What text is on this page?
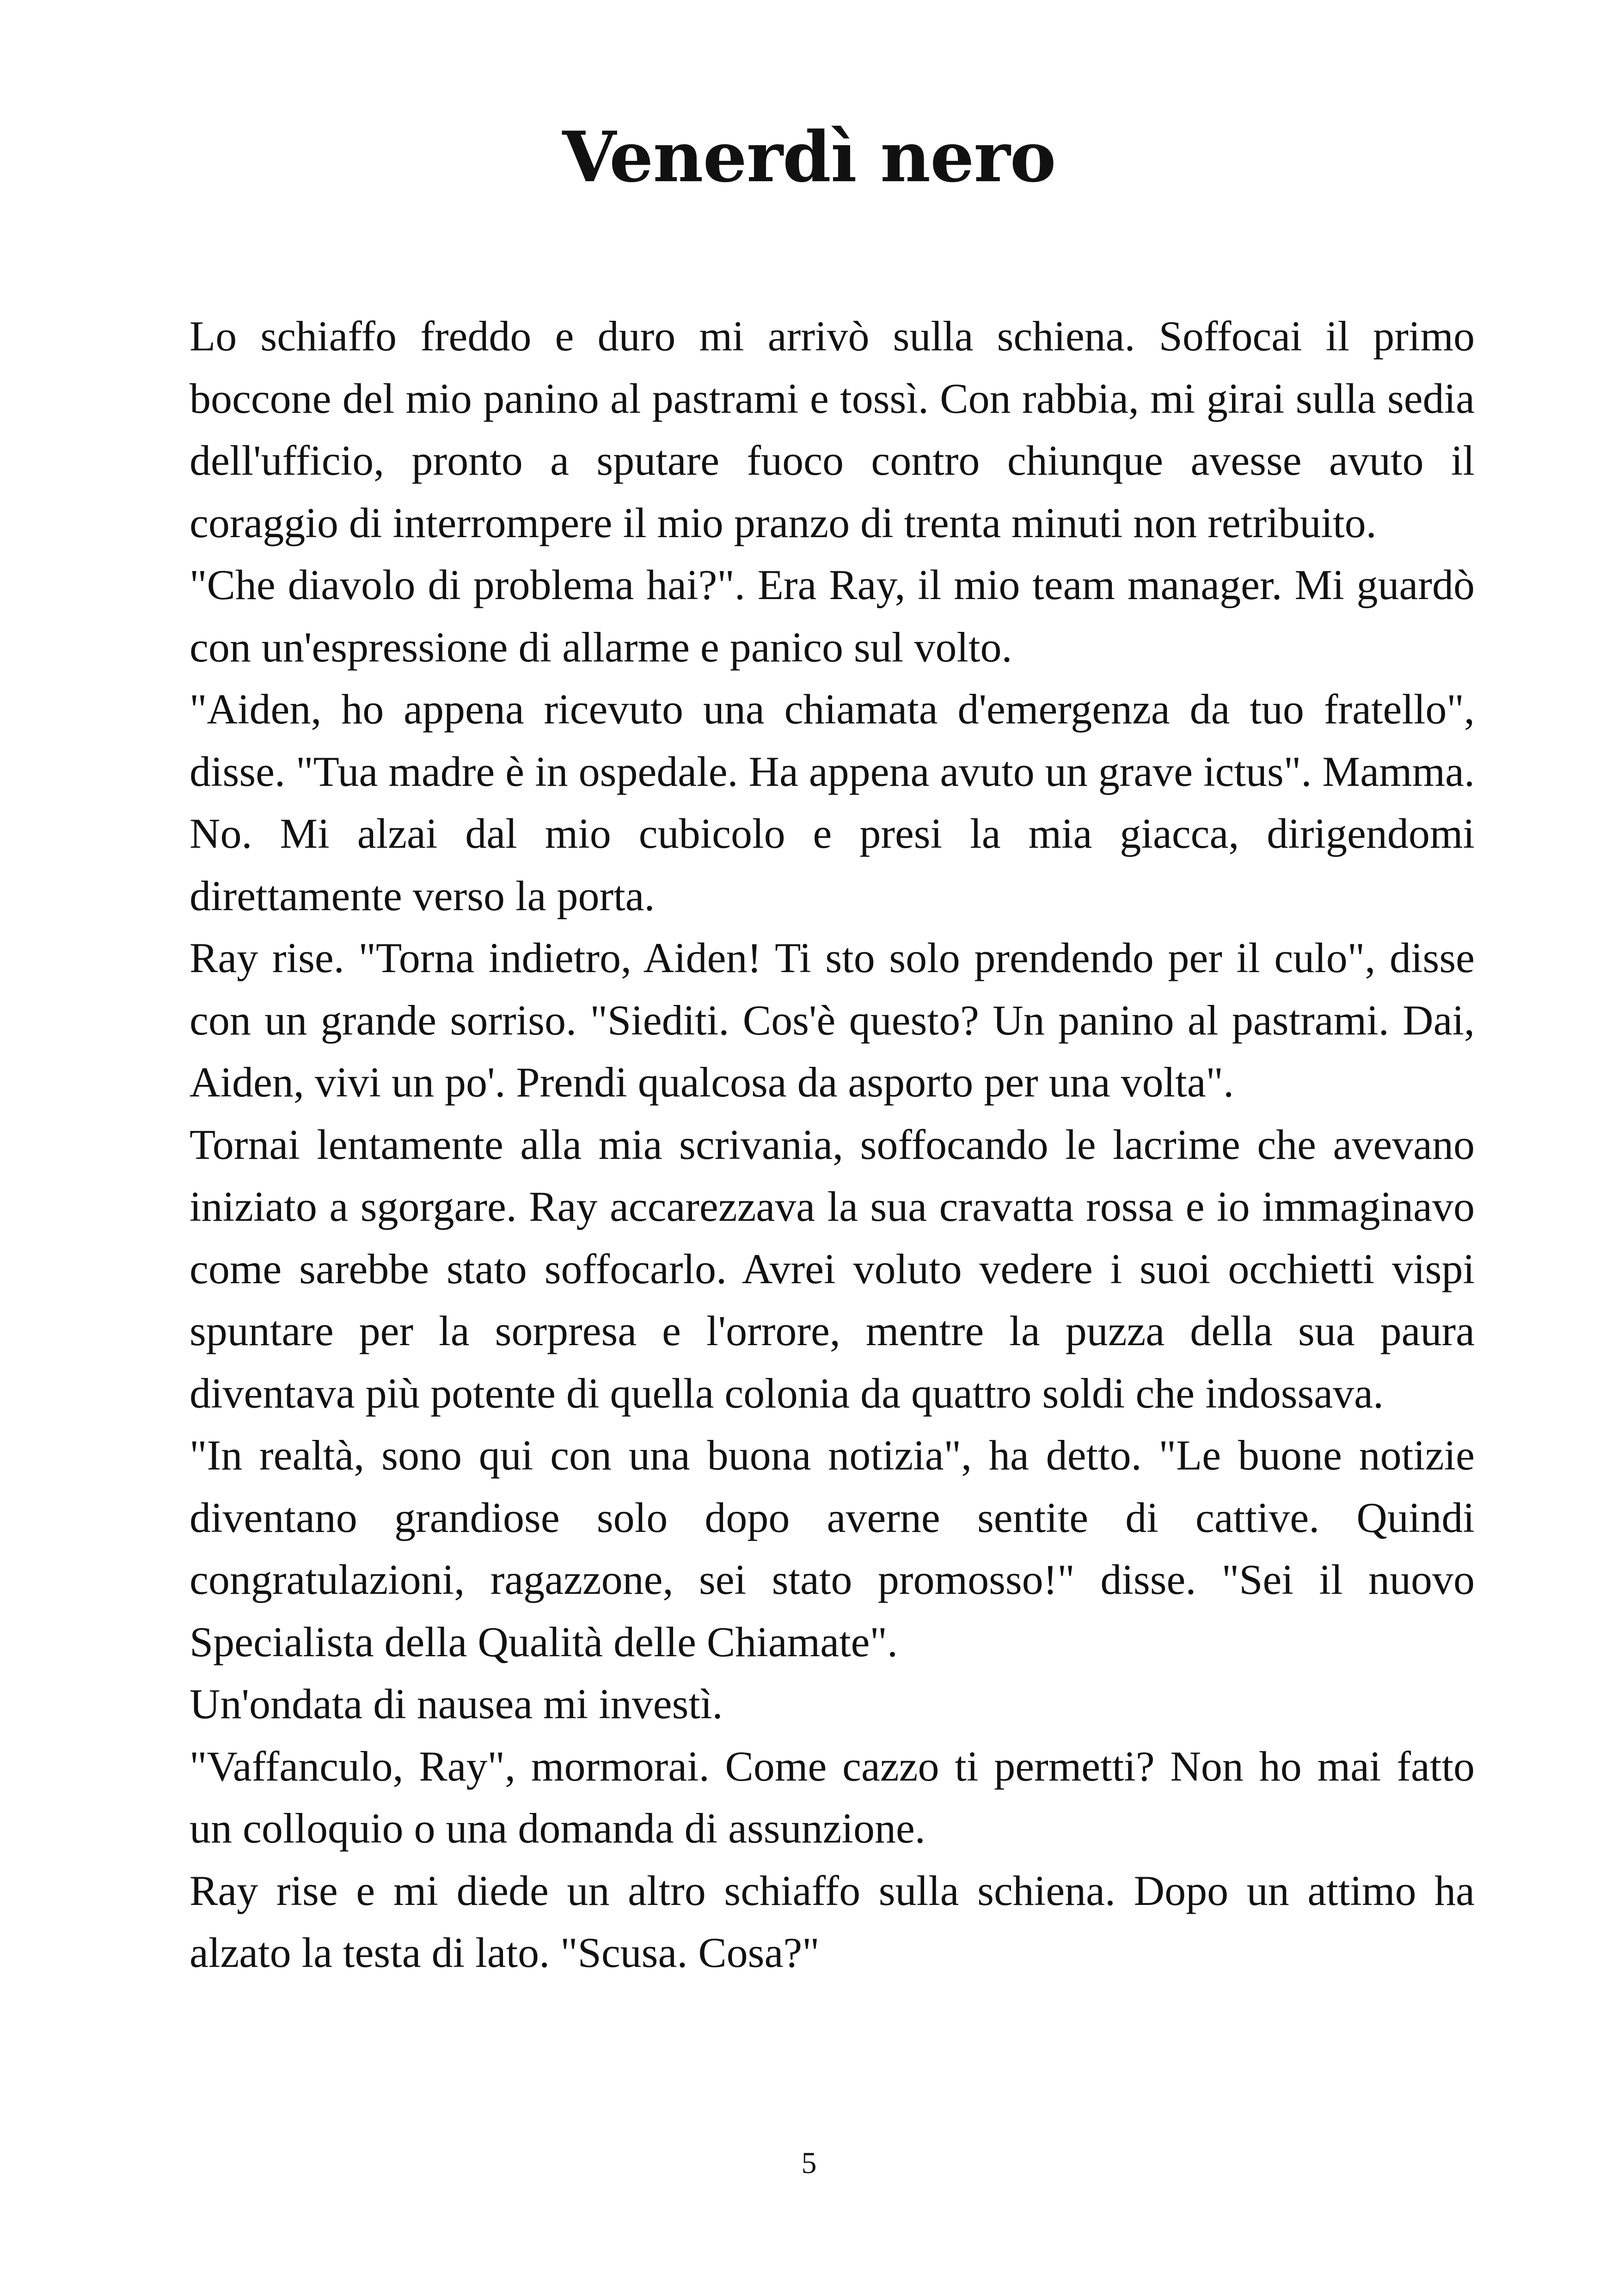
Venerdì nero

Lo schiaffo freddo e duro mi arrivò sulla schiena. Soffocai il primo boccone del mio panino al pastrami e tossì. Con rabbia, mi girai sulla sedia dell'ufficio, pronto a sputare fuoco contro chiunque avesse avuto il coraggio di interrompere il mio pranzo di trenta minuti non retribuito.

"Che diavolo di problema hai?". Era Ray, il mio team manager. Mi guardò con un'espressione di allarme e panico sul volto.

"Aiden, ho appena ricevuto una chiamata d'emergenza da tuo fratello", disse. "Tua madre è in ospedale. Ha appena avuto un grave ictus". Mamma. No. Mi alzai dal mio cubicolo e presi la mia giacca, dirigendomi direttamente verso la porta.

Ray rise. "Torna indietro, Aiden! Ti sto solo prendendo per il culo", disse con un grande sorriso. "Siediti. Cos'è questo? Un panino al pastrami. Dai, Aiden, vivi un po'. Prendi qualcosa da asporto per una volta".

Tornai lentamente alla mia scrivania, soffocando le lacrime che avevano iniziato a sgorgare. Ray accarezzava la sua cravatta rossa e io immaginavo come sarebbe stato soffocarlo. Avrei voluto vedere i suoi occhietti vispi spuntare per la sorpresa e l'orrore, mentre la puzza della sua paura diventava più potente di quella colonia da quattro soldi che indossava.

"In realtà, sono qui con una buona notizia", ha detto. "Le buone notizie diventano grandiose solo dopo averne sentite di cattive. Quindi congratulazioni, ragazzone, sei stato promosso!" disse. "Sei il nuovo Specialista della Qualità delle Chiamate".

Un'ondata di nausea mi investì.

"Vaffanculo, Ray", mormorai. Come cazzo ti permetti? Non ho mai fatto un colloquio o una domanda di assunzione.

Ray rise e mi diede un altro schiaffo sulla schiena. Dopo un attimo ha alzato la testa di lato. "Scusa. Cosa?"

5
